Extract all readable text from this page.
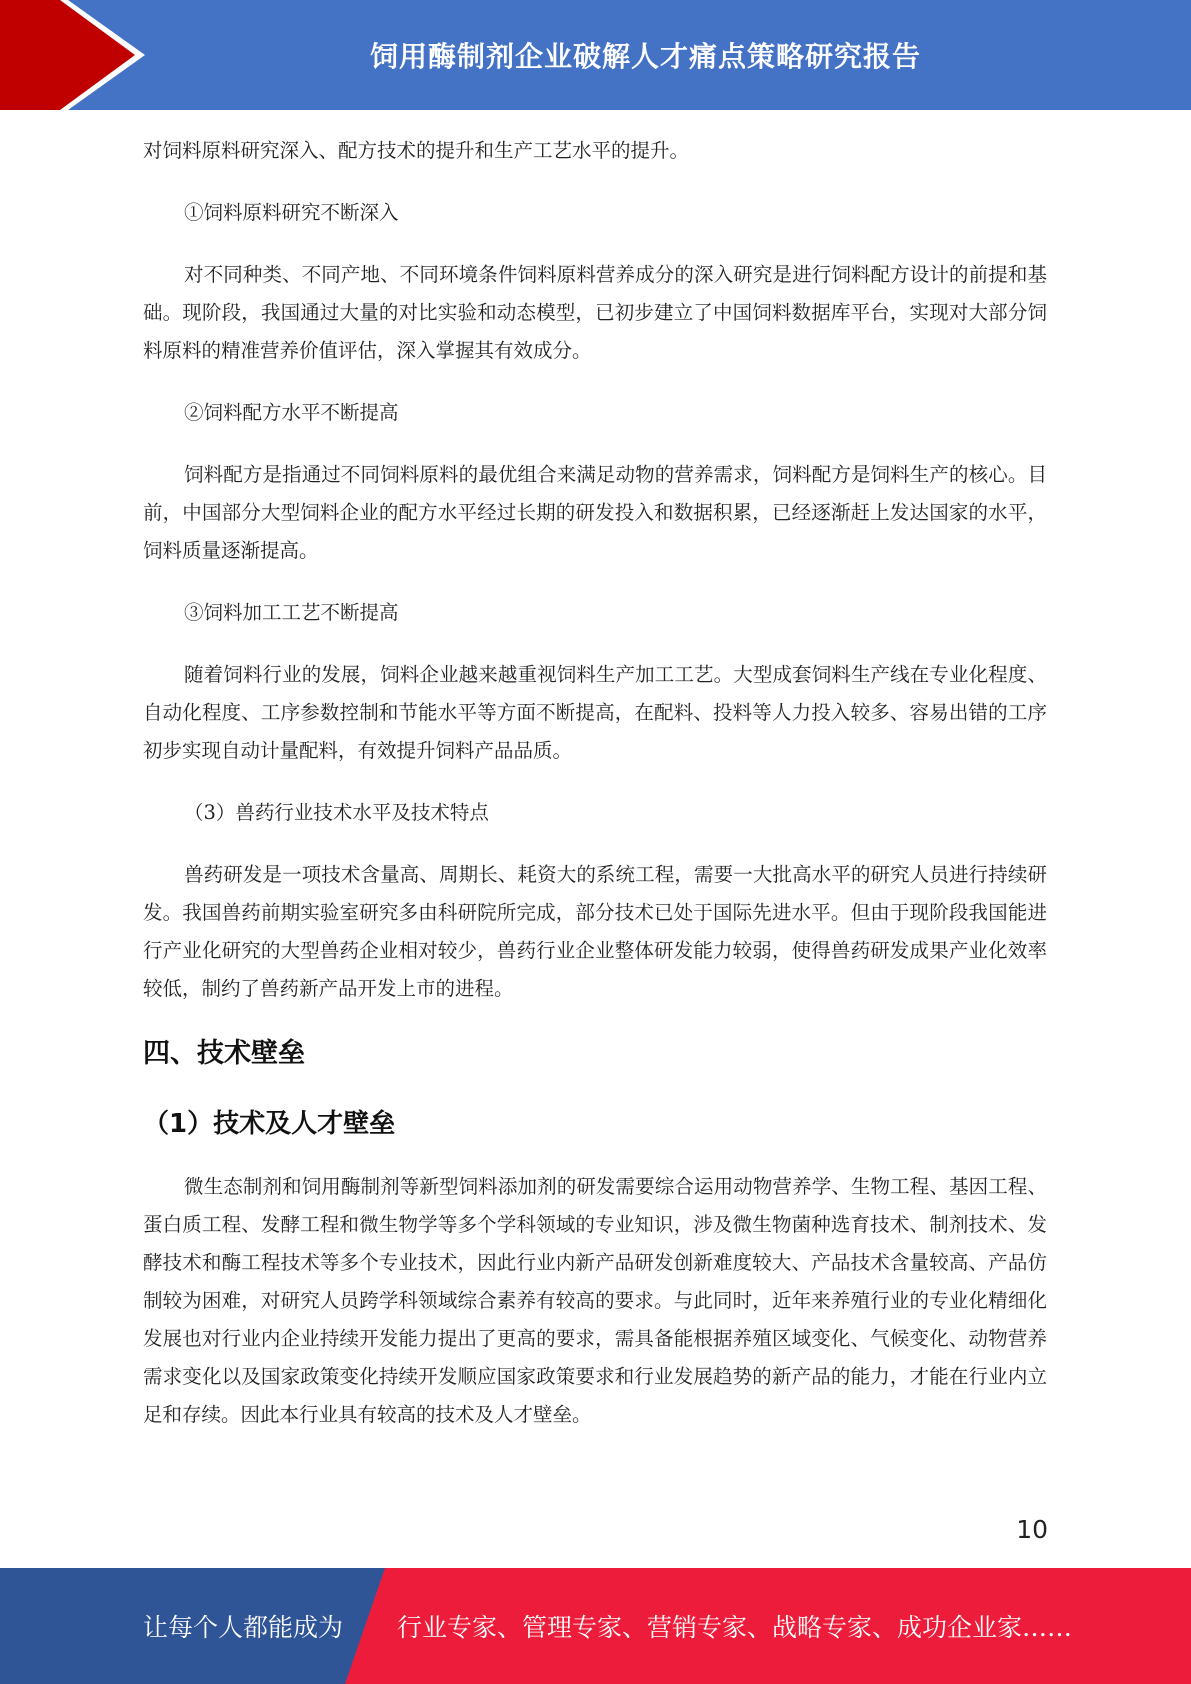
饲用酶制剂企业破解人才痛点策略研究报告

对饲料原料研究深入、配方技术的提升和生产工艺水平的提升。

①饲料原料研究不断深入

对不同种类、不同产地、不同环境条件饲料原料营养成分的深入研究是进行饲料配方设计的前提和基础。现阶段，我国通过大量的对比实验和动态模型，已初步建立了中国饲料数据库平台，实现对大部分饲料原料的精准营养价值评估，深入掌握其有效成分。

②饲料配方水平不断提高

饲料配方是指通过不同饲料原料的最优组合来满足动物的营养需求，饲料配方是饲料生产的核心。目前，中国部分大型饲料企业的配方水平经过长期的研发投入和数据积累，已经逐渐赶上发达国家的水平，饲料质量逐渐提高。

③饲料加工工艺不断提高

随着饲料行业的发展，饲料企业越来越重视饲料生产加工工艺。大型成套饲料生产线在专业化程度、自动化程度、工序参数控制和节能水平等方面不断提高，在配料、投料等人力投入较多、容易出错的工序初步实现自动计量配料，有效提升饲料产品品质。

（3）兽药行业技术水平及技术特点

兽药研发是一项技术含量高、周期长、耗资大的系统工程，需要一大批高水平的研究人员进行持续研发。我国兽药前期实验室研究多由科研院所完成，部分技术已处于国际先进水平。但由于现阶段我国能进行产业化研究的大型兽药企业相对较少，兽药行业企业整体研发能力较弱，使得兽药研发成果产业化效率较低，制约了兽药新产品开发上市的进程。

四、技术壁垒
（1）技术及人才壁垒

微生态制剂和饲用酶制剂等新型饲料添加剂的研发需要综合运用动物营养学、生物工程、基因工程、蛋白质工程、发酵工程和微生物学等多个学科领域的专业知识，涉及微生物菌种选育技术、制剂技术、发酵技术和酶工程技术等多个专业技术，因此行业内新产品研发创新难度较大、产品技术含量较高、产品仿制较为困难，对研究人员跨学科领域综合素养有较高的要求。与此同时，近年来养殖行业的专业化精细化发展也对行业内企业持续开发能力提出了更高的要求，需具备能根据养殖区域变化、气候变化、动物营养需求变化以及国家政策变化持续开发顺应国家政策要求和行业发展趋势的新产品的能力，才能在行业内立足和存续。因此本行业具有较高的技术及人才壁垒。

10
让每个人都能成为 行业专家、管理专家、营销专家、战略专家、成功企业家……
